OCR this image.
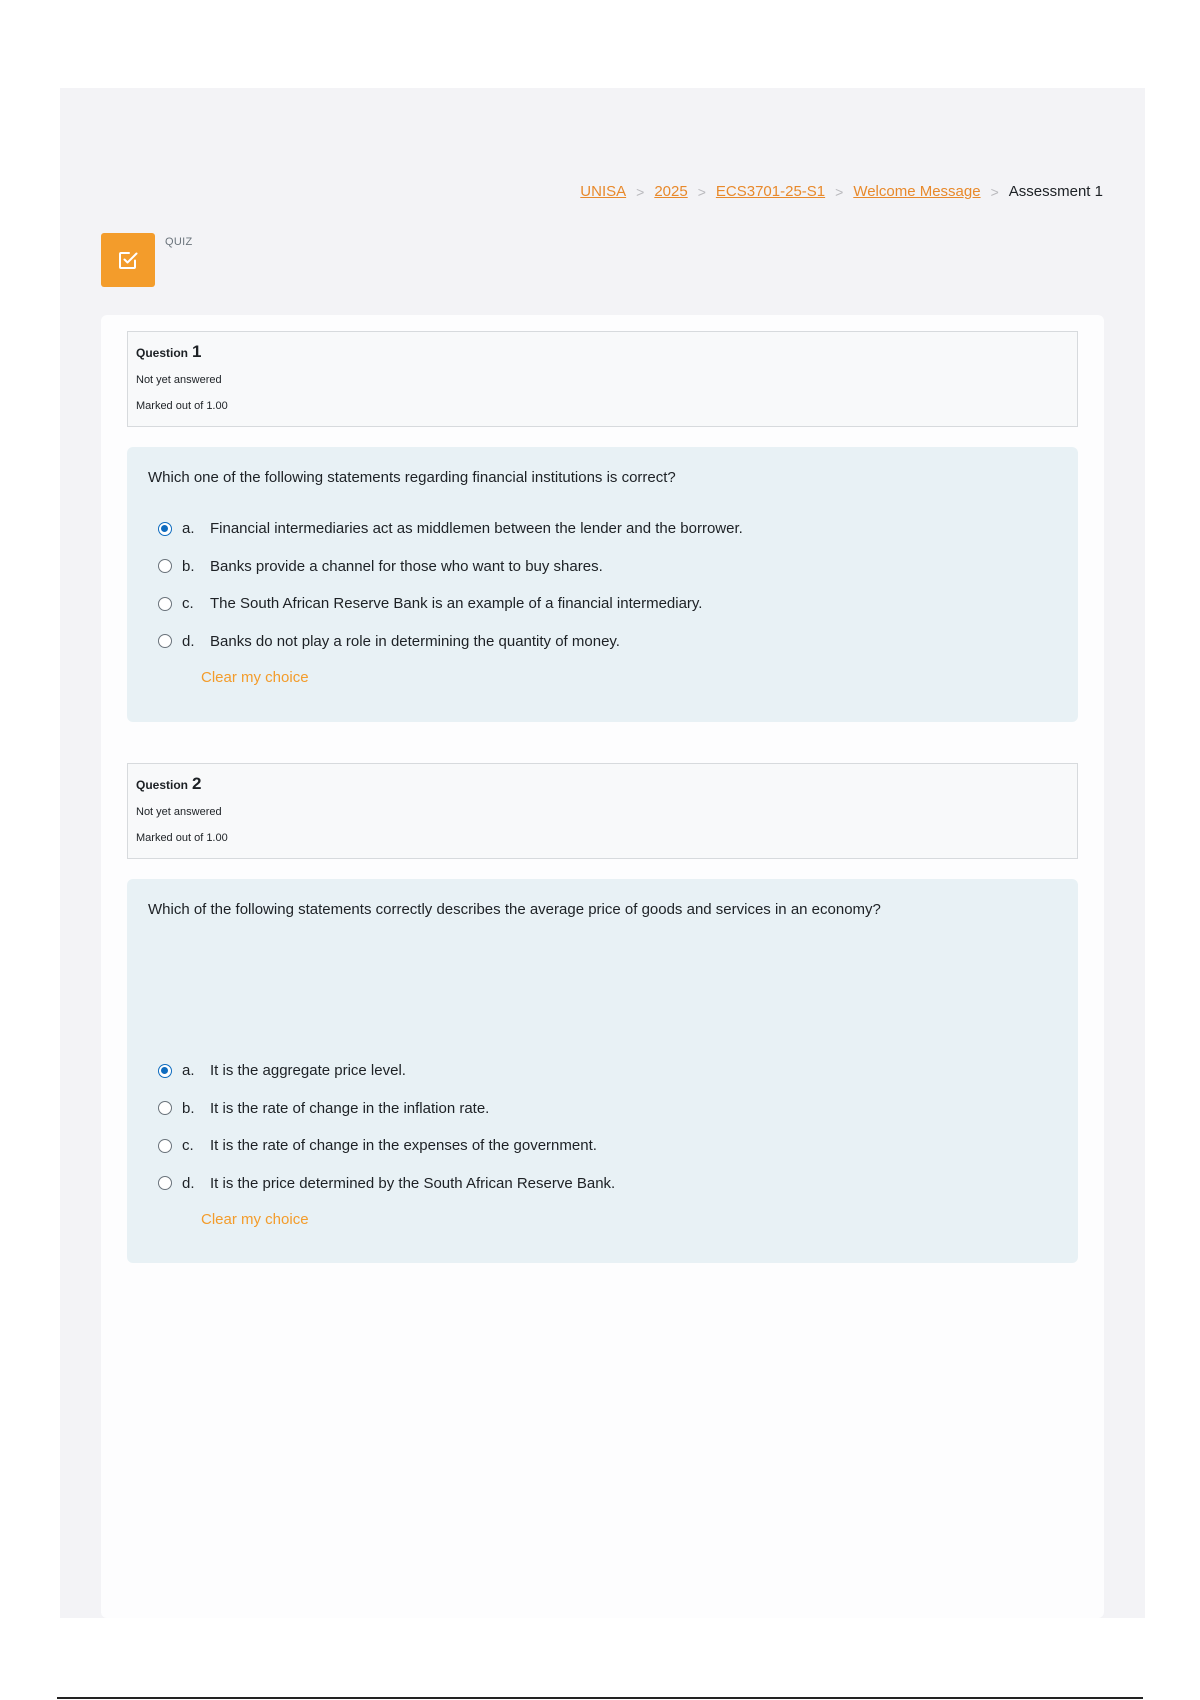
UNISA > 2025 > ECS3701-25-S1 > Welcome Message > Assessment 1
QUIZ
Question 1
Not yet answered
Marked out of 1.00
Which one of the following statements regarding financial institutions is correct?
a.	Financial intermediaries act as middlemen between the lender and the borrower.
b.	Banks provide a channel for those who want to buy shares.
c.	The South African Reserve Bank is an example of a financial intermediary.
d.	Banks do not play a role in determining the quantity of money.
Clear my choice
Question 2
Not yet answered
Marked out of 1.00
Which of the following statements correctly describes the average price of goods and services in an economy?
a.	It is the aggregate price level.
b.	It is the rate of change in the inflation rate.
c.	It is the rate of change in the expenses of the government.
d.	It is the price determined by the South African Reserve Bank.
Clear my choice
